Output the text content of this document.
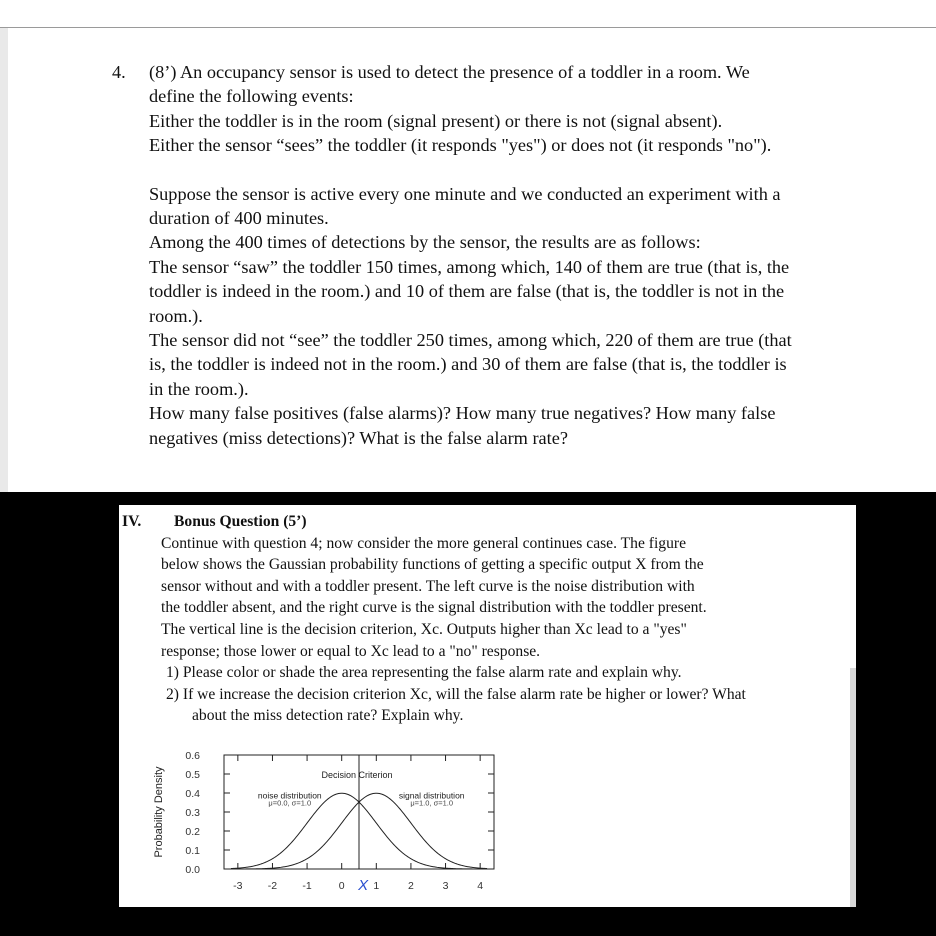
4. (8’) An occupancy sensor is used to detect the presence of a toddler in a room. We
define the following events:
Either the toddler is in the room (signal present) or there is not (signal absent).
Either the sensor “sees” the toddler (it responds "yes") or does not (it responds "no").
Suppose the sensor is active every one minute and we conducted an experiment with a
duration of 400 minutes.
Among the 400 times of detections by the sensor, the results are as follows:
The sensor “saw” the toddler 150 times, among which, 140 of them are true (that is, the
toddler is indeed in the room.) and 10 of them are false (that is, the toddler is not in the
room.).
The sensor did not “see” the toddler 250 times, among which, 220 of them are true (that
is, the toddler is indeed not in the room.) and 30 of them are false (that is, the toddler is
in the room.).
How many false positives (false alarms)? How many true negatives? How many false
negatives (miss detections)? What is the false alarm rate?
IV. Bonus Question (5’)
Continue with question 4; now consider the more general continues case. The figure
below shows the Gaussian probability functions of getting a specific output X from the
sensor without and with a toddler present. The left curve is the noise distribution with
the toddler absent, and the right curve is the signal distribution with the toddler present.
The vertical line is the decision criterion, Xc. Outputs higher than Xc lead to a "yes"
response; those lower or equal to Xc lead to a "no" response.
1) Please color or shade the area representing the false alarm rate and explain why.
2) If we increase the decision criterion Xc, will the false alarm rate be higher or lower? What about the miss detection rate? Explain why.
0.0
0.1
0.2
0.3
0.4
0.5
0.6
-3 -2 -1	0	1	2	3	4
Probability Density	noise distribution
μ=0.0, σ=1.0
signal distribution
μ=1.0, σ=1.0
Decision Criterion
X
